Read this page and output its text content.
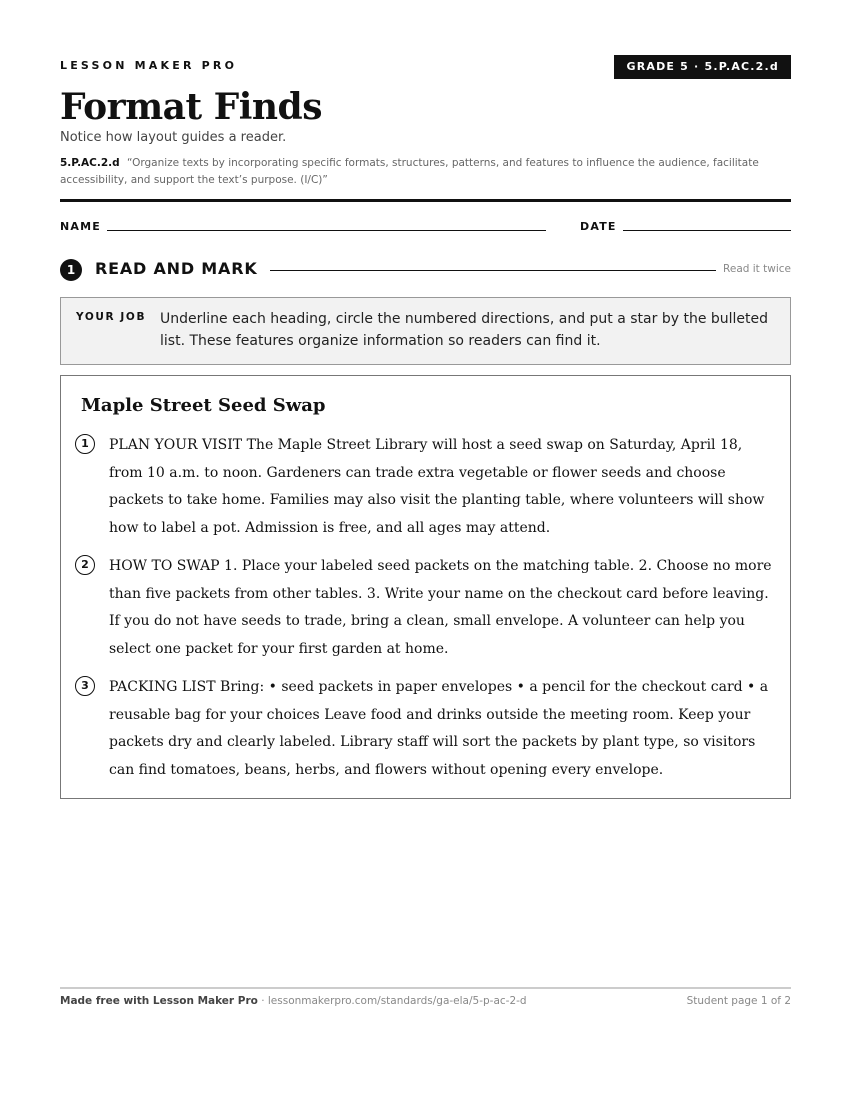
LESSON MAKER PRO	GRADE 5 · 5.P.AC.2.d
Format Finds
Notice how layout guides a reader.
5.P.AC.2.d “Organize texts by incorporating specific formats, structures, patterns, and features to influence the audience, facilitate accessibility, and support the text’s purpose. (I/C)”
NAME	DATE
1	READ AND MARK	Read it twice
YOUR JOB Underline each heading, circle the numbered directions, and put a star by the bulleted list. These features organize information so readers can find it.
Maple Street Seed Swap
1	PLAN YOUR VISIT The Maple Street Library will host a seed swap on Saturday, April 18, from 10 a.m. to noon. Gardeners can trade extra vegetable or flower seeds and choose packets to take home. Families may also visit the planting table, where volunteers will show how to label a pot. Admission is free, and all ages may attend.
2	HOW TO SWAP 1. Place your labeled seed packets on the matching table. 2. Choose no more than five packets from other tables. 3. Write your name on the checkout card before leaving. If you do not have seeds to trade, bring a clean, small envelope. A volunteer can help you select one packet for your first garden at home.
3	PACKING LIST Bring: • seed packets in paper envelopes • a pencil for the checkout card • a reusable bag for your choices Leave food and drinks outside the meeting room. Keep your packets dry and clearly labeled. Library staff will sort the packets by plant type, so visitors can find tomatoes, beans, herbs, and flowers without opening every envelope.
Made free with Lesson Maker Pro · lessonmakerpro.com/standards/ga-ela/5-p-ac-2-d	Student page 1 of 2
